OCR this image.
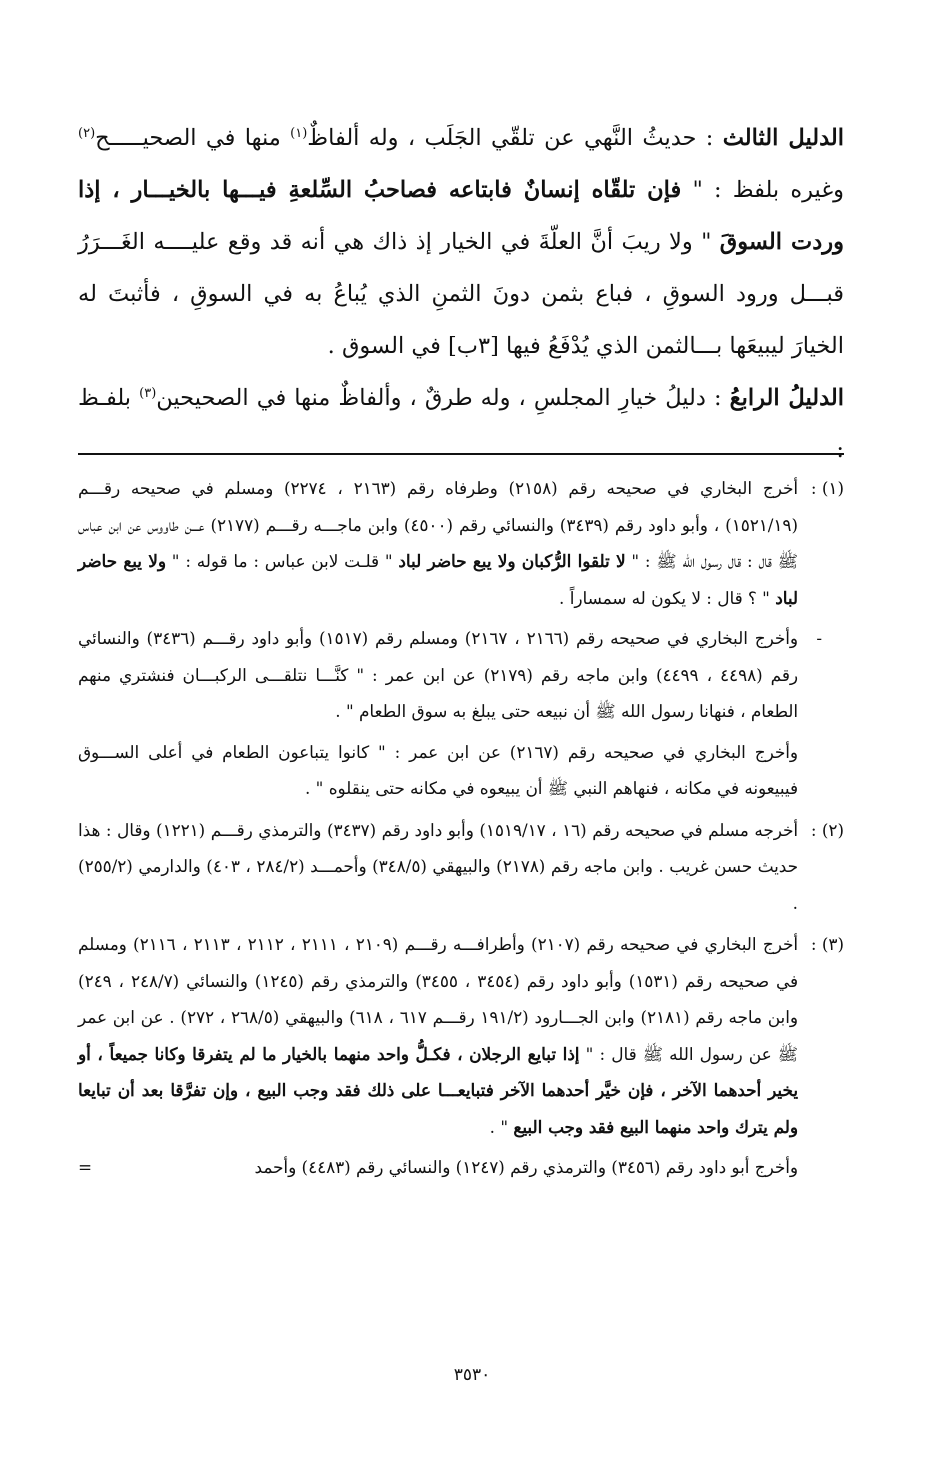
الدليل الثالث : حديثُ النَّهي عن تلقّي الجَلَب ، وله ألفاظٌ$^{(١)}$ منها في الصحيـــــح$^{(٢)}$ وغيره بلفظ : " فإن تلقّاه إنسانٌ فابتاعه فصاحبُ السِّلعةِ فيـــها بالخيـــار ، إذا وردت السوقَ " ولا ريبَ أنَّ العلّةَ في الخيار إذ ذاك هي أنه قد وقع عليــــه الغَـــرَرُ قبـــل ورود السوقِ ، فباع بثمن دونَ الثمنِ الذي يُباعُ به في السوقِ ، فأثبتَ له الخيارَ ليبيعَها بـــالثمن الذي يُدْفَعُ فيها [٣ب] في السوق .

الدليلُ الرابعُ : دليلُ خيارِ المجلسِ ، وله طرقٌ ، وألفاظٌ منها في الصحيحين$^{(٣)}$ بلفـظ :

(١) :

أخرج البخاري في صحيحه رقم (٢١٥٨) وطرفاه رقم (٢١٦٣ ، ٢٢٧٤) ومسلم في صحيحه رقـــم (١٥٢١/١٩) ، وأبو داود رقم (٣٤٣٩) والنسائي رقم (٤٥٠٠) وابن ماجـــه رقـــم (٢١٧٧) عـــن طاووس عن ابن عباس ﷺ قال : قال رسول الله ﷺ : " لا تلقوا الرُّكبان ولا يبع حاضر لباد " قلـت لابن عباس : ما قوله : " ولا يبع حاضر لباد " ؟ قال : لا يكون له سمساراً .

-
وأخرج البخاري في صحيحه رقم (٢١٦٦ ، ٢١٦٧) ومسلم رقم (١٥١٧) وأبو داود رقـــم (٣٤٣٦) والنسائي رقم (٤٤٩٨ ، ٤٤٩٩) وابن ماجه رقم (٢١٧٩) عن ابن عمر : " كنَّـــا نتلقـــى الركبـــان فنشتري منهم الطعام ، فنهانا رسول الله ﷺ أن نبيعه حتى يبلغ به سوق الطعام " .

وأخرج البخاري في صحيحه رقم (٢١٦٧) عن ابن عمر : " كانوا يتباعون الطعام في أعلى الســـوق فيبيعونه في مكانه ، فنهاهم النبي ﷺ أن يبيعوه في مكانه حتى ينقلوه " .

(٢) :

أخرجه مسلم في صحيحه رقم (١٦ ، ١٥١٩/١٧) وأبو داود رقم (٣٤٣٧) والترمذي رقـــم (١٢٢١) وقال : هذا حديث حسن غريب . وابن ماجه رقم (٢١٧٨) والبيهقي (٣٤٨/٥) وأحمـــد (٢٨٤/٢ ، ٤٠٣) والدارمي (٢٥٥/٢) .

(٣) :

أخرج البخاري في صحيحه رقم (٢١٠٧) وأطرافـــه رقـــم (٢١٠٩ ، ٢١١١ ، ٢١١٢ ، ٢١١٣ ، ٢١١٦) ومسلم في صحيحه رقم (١٥٣١) وأبو داود رقم (٣٤٥٤ ، ٣٤٥٥) والترمذي رقم (١٢٤٥) والنسائي (٢٤٨/٧ ، ٢٤٩) وابن ماجه رقم (٢١٨١) وابن الجـــارود (١٩١/٢ رقـــم ٦١٧ ، ٦١٨) والبيهقي (٢٦٨/٥ ، ٢٧٢) . عن ابن عمر ﷺ عن رسول الله ﷺ قال : " إذا تبايع الرجلان ، فكـلُّ واحد منهما بالخيار ما لم يتفرقا وكانا جميعاً ، أو يخير أحدهما الآخر ، فإن خيَّر أحدهما الآخر فتبايعـــا على ذلك فقد وجب البيع ، وإن تفرَّقا بعد أن تبايعا ولم يترك واحد منهما البيع فقد وجب البيع " .

وأخرج أبو داود رقم (٣٤٥٦) والترمذي رقم (١٢٤٧) والنسائي رقم (٤٤٨٣) وأحمد
=

٣٥٣٠
